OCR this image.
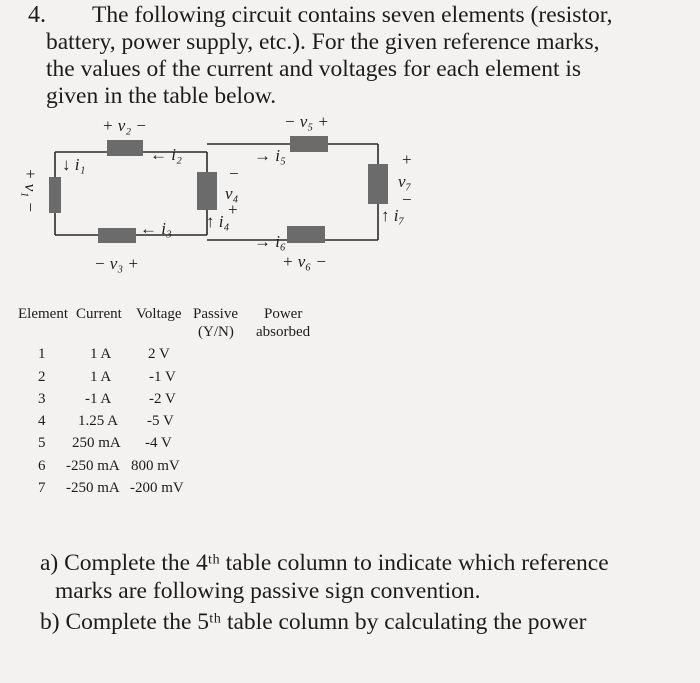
4. The following circuit contains seven elements (resistor,
battery, power supply, etc.). For the given reference marks,
the values of the current and voltages for each element is
given in the table below.
+ v₂ −
← i₂
− v₅ +
→ i₅
+ v₁ −
↓ i₁	−
v₄
+
↑ i₄
← i₃
− v₃ +
→ i₆
+ v₆ −
+
v₇
−
↑ i₇
Element Current Voltage Passive Power
(Y/N) absorbed
1	1 A 2 V
2	1 A	-1 V
3	-1 A	-2 V
4 1.25 A -5 V
5 250 mA -4 V
6 -250 mA 800 mV
7 -250 mA -200 mV
a) Complete the 4ᵗʰ table column to indicate which reference
marks are following passive sign convention.
b) Complete the 5ᵗʰ table column by calculating the power
